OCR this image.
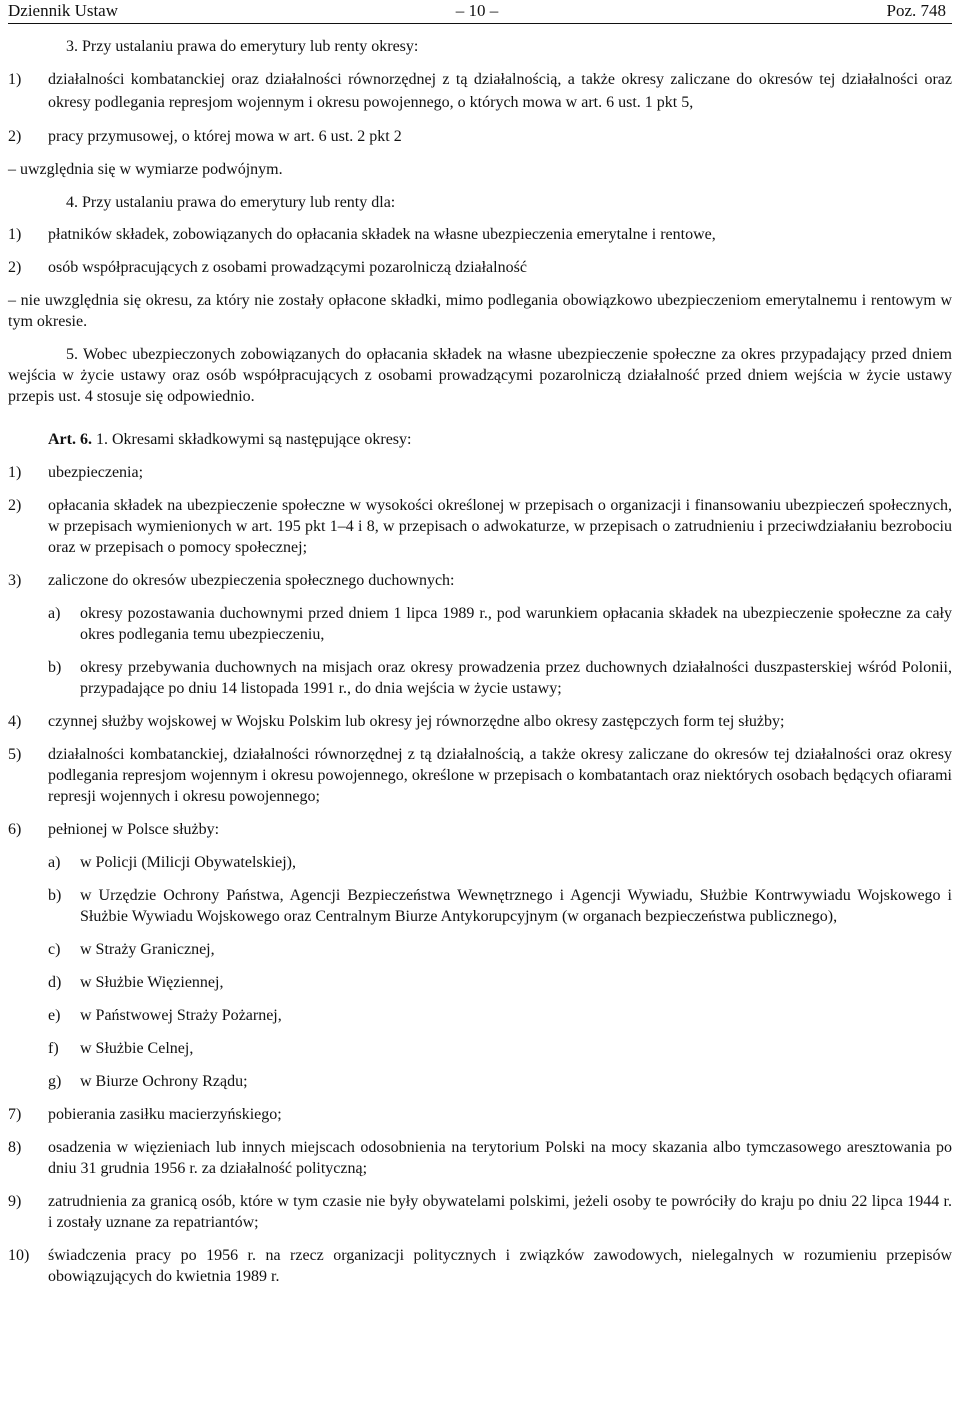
Dziennik Ustaw	– 10 –	Poz. 748

3. Przy ustalaniu prawa do emerytury lub renty okresy:

1)	działalności kombatanckiej oraz działalności równorzędnej z tą działalnością, a także okresy zaliczane do okresów tej działalności oraz okresy podlegania represjom wojennym i okresu powojennego, o których mowa w art. 6 ust. 1 pkt 5,
2) pracy przymusowej, o której mowa w art. 6 ust. 2 pkt 2

– uwzględnia się w wymiarze podwójnym.

4. Przy ustalaniu prawa do emerytury lub renty dla:

1) płatników składek, zobowiązanych do opłacania składek na własne ubezpieczenia emerytalne i rentowe,
2) osób współpracujących z osobami prowadzącymi pozarolniczą działalność

– nie uwzględnia się okresu, za który nie zostały opłacone składki, mimo podlegania obowiązkowo ubezpieczeniom emerytalnemu i rentowym w tym okresie.

5. Wobec ubezpieczonych zobowiązanych do opłacania składek na własne ubezpieczenie społeczne za okres przypadający przed dniem wejścia w życie ustawy oraz osób współpracujących z osobami prowadzącymi pozarolniczą działalność przed dniem wejścia w życie ustawy przepis ust. 4 stosuje się odpowiednio.

Art. 6. 1. Okresami składkowymi są następujące okresy:

1) ubezpieczenia;
2) opłacania składek na ubezpieczenie społeczne w wysokości określonej w przepisach o organizacji i finansowaniu ubezpieczeń społecznych, w przepisach wymienionych w art. 195 pkt 1–4 i 8, w przepisach o adwokaturze, w przepisach o zatrudnieniu i przeciwdziałaniu bezrobociu oraz w przepisach o pomocy społecznej;
3) zaliczone do okresów ubezpieczenia społecznego duchownych:
a) okresy pozostawania duchownymi przed dniem 1 lipca 1989 r., pod warunkiem opłacania składek na ubezpieczenie społeczne za cały okres podlegania temu ubezpieczeniu,
b) okresy przebywania duchownych na misjach oraz okresy prowadzenia przez duchownych działalności duszpasterskiej wśród Polonii, przypadające po dniu 14 listopada 1991 r., do dnia wejścia w życie ustawy;
4) czynnej służby wojskowej w Wojsku Polskim lub okresy jej równorzędne albo okresy zastępczych form tej służby;
5) działalności kombatanckiej, działalności równorzędnej z tą działalnością, a także okresy zaliczane do okresów tej działalności oraz okresy podlegania represjom wojennym i okresu powojennego, określone w przepisach o kombatantach oraz niektórych osobach będących ofiarami represji wojennych i okresu powojennego;
6) pełnionej w Polsce służby:
a) w Policji (Milicji Obywatelskiej),
b) w Urzędzie Ochrony Państwa, Agencji Bezpieczeństwa Wewnętrznego i Agencji Wywiadu, Służbie Kontrwywiadu Wojskowego i Służbie Wywiadu Wojskowego oraz Centralnym Biurze Antykorupcyjnym (w organach bezpieczeństwa publicznego),
c) w Straży Granicznej,
d) w Służbie Więziennej,
e) w Państwowej Straży Pożarnej,
f) w Służbie Celnej,
g) w Biurze Ochrony Rządu;
7) pobierania zasiłku macierzyńskiego;
8) osadzenia w więzieniach lub innych miejscach odosobnienia na terytorium Polski na mocy skazania albo tymczasowego aresztowania po dniu 31 grudnia 1956 r. za działalność polityczną;
9) zatrudnienia za granicą osób, które w tym czasie nie były obywatelami polskimi, jeżeli osoby te powróciły do kraju po dniu 22 lipca 1944 r. i zostały uznane za repatriantów;
10) świadczenia pracy po 1956 r. na rzecz organizacji politycznych i związków zawodowych, nielegalnych w rozumieniu przepisów obowiązujących do kwietnia 1989 r.
